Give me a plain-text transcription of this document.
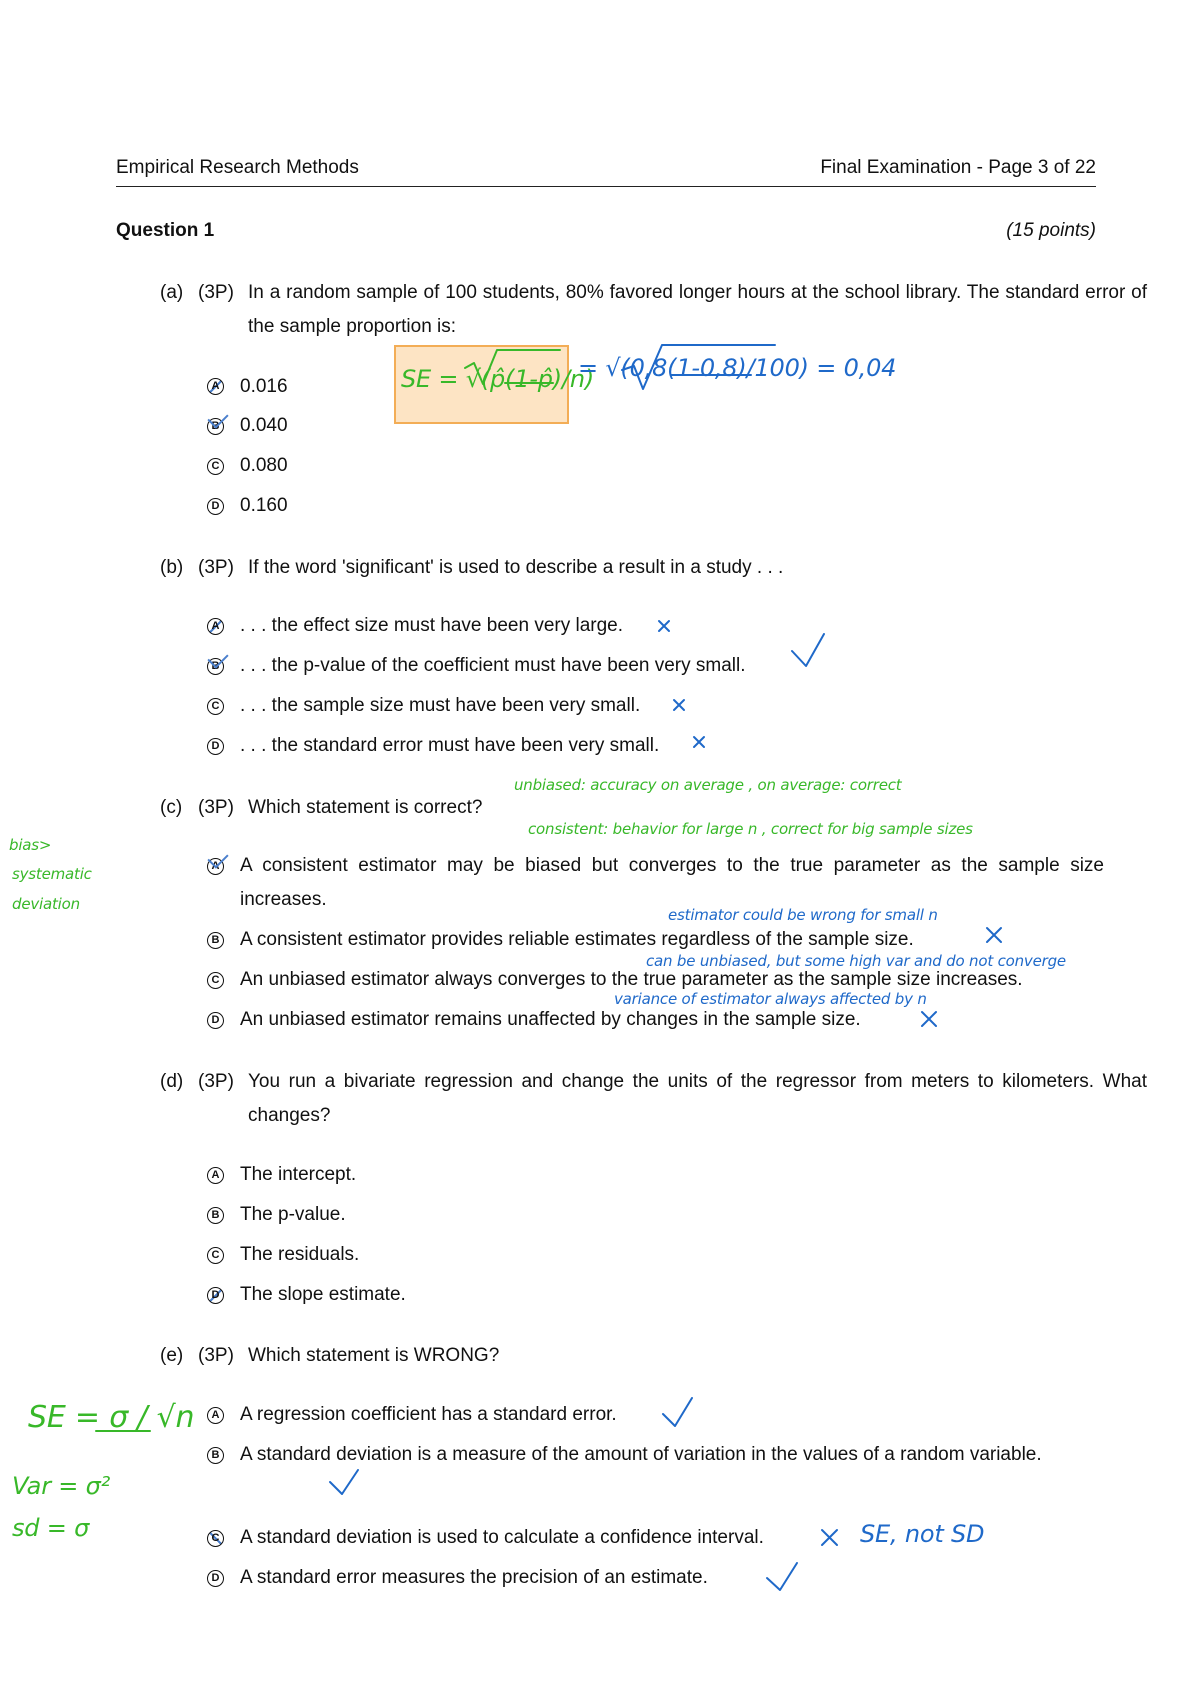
Empirical Research Methods	Final Examination - Page 3 of 22
Question 1	(15 points)
(a) (3P) In a random sample of 100 students, 80% favored longer hours at the school library. The standard error of the sample proportion is:
A 0.016
B 0.040
C 0.080
D 0.160
(b) (3P) If the word 'significant' is used to describe a result in a study . . .
A . . . the effect size must have been very large.
B . . . the p-value of the coefficient must have been very small.
C . . . the sample size must have been very small.
D . . . the standard error must have been very small.
(c) (3P) Which statement is correct?
A A consistent estimator may be biased but converges to the true parameter as the sample size increases.
B A consistent estimator provides reliable estimates regardless of the sample size.
C An unbiased estimator always converges to the true parameter as the sample size increases.
D An unbiased estimator remains unaffected by changes in the sample size.
(d) (3P) You run a bivariate regression and change the units of the regressor from meters to kilometers. What changes?
A The intercept.
B The p-value.
C The residuals.
D The slope estimate.
(e) (3P) Which statement is WRONG?
A A regression coefficient has a standard error.
B A standard deviation is a measure of the amount of variation in the values of a random variable.
C A standard deviation is used to calculate a confidence interval.
D A standard error measures the precision of an estimate.
SE = √(p̂(1-p̂)/n)
= √(0,8(1-0,8)/100) = 0,04
unbiased: accuracy on average , on average: correct
consistent: behavior for large n , correct for big sample sizes
bias>
systematic
deviation
estimator could be wrong for small n
can be unbiased, but some high var and do not converge
variance of estimator always affected by n
SE = σ / √n
Var = σ²
sd = σ	SE, not SD
